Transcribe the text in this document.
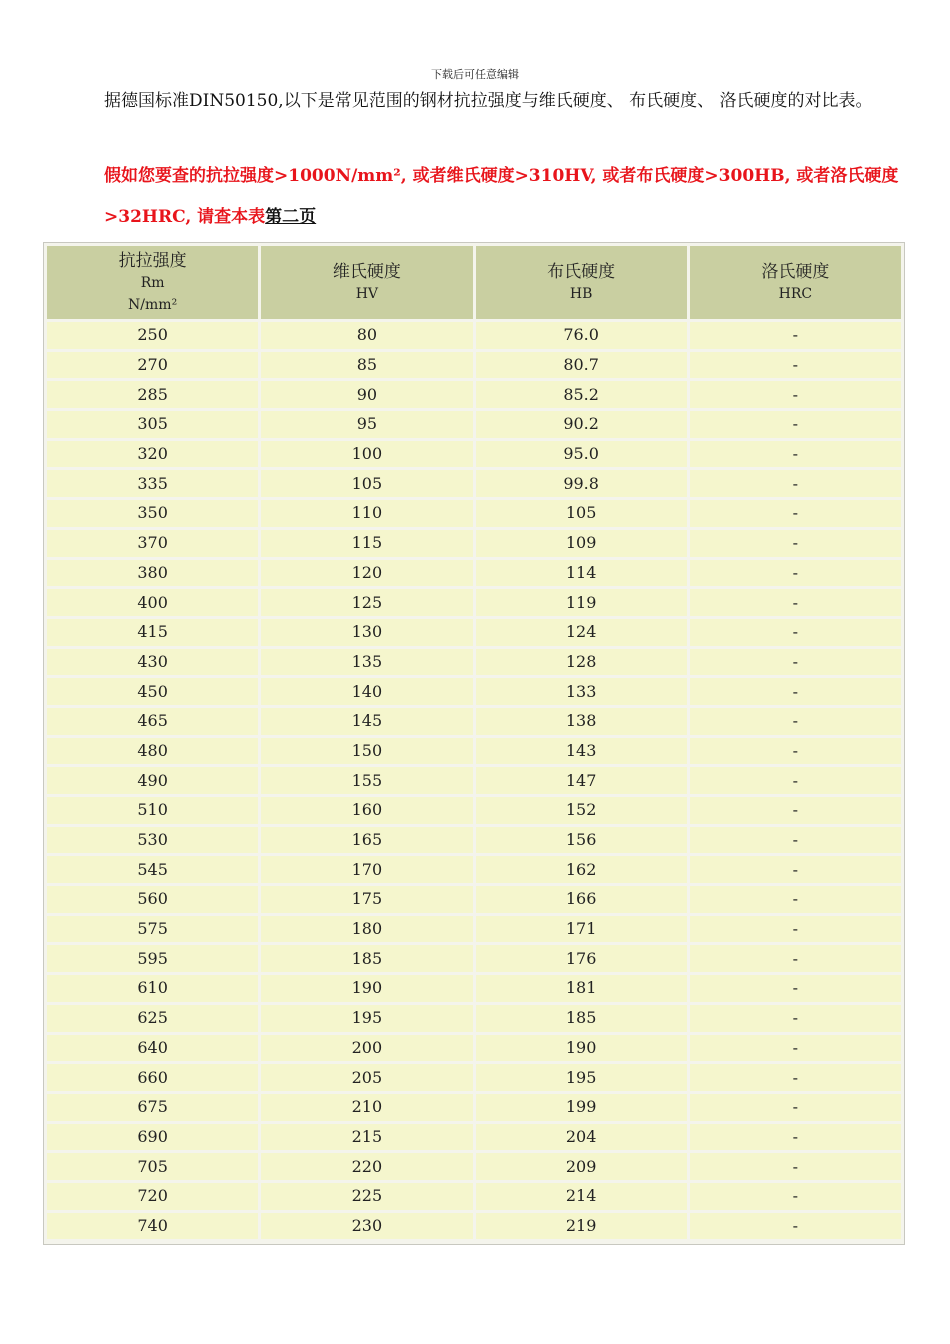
下载后可任意编辑
据德国标准DIN50150,以下是常见范围的钢材抗拉强度与维氏硬度、 布氏硬度、 洛氏硬度的对比表。
假如您要查的抗拉强度>1000N/mm², 或者维氏硬度>310HV, 或者布氏硬度>300HB, 或者洛氏硬度>32HRC, 请查本表第二页
抗拉强度
Rm
N/mm²	维氏硬度
HV	布氏硬度
HB	洛氏硬度
HRC

250	80	76.0	-
270	85	80.7	-
285	90	85.2	-
305	95	90.2	-
320	100	95.0	-
335	105	99.8	-
350	110	105	-
370	115	109	-
380	120	114	-
400	125	119	-
415	130	124	-
430	135	128	-
450	140	133	-
465	145	138	-
480	150	143	-
490	155	147	-
510	160	152	-
530	165	156	-
545	170	162	-
560	175	166	-
575	180	171	-
595	185	176	-
610	190	181	-
625	195	185	-
640	200	190	-
660	205	195	-
675	210	199	-
690	215	204	-
705	220	209	-
720	225	214	-
740	230	219	-
